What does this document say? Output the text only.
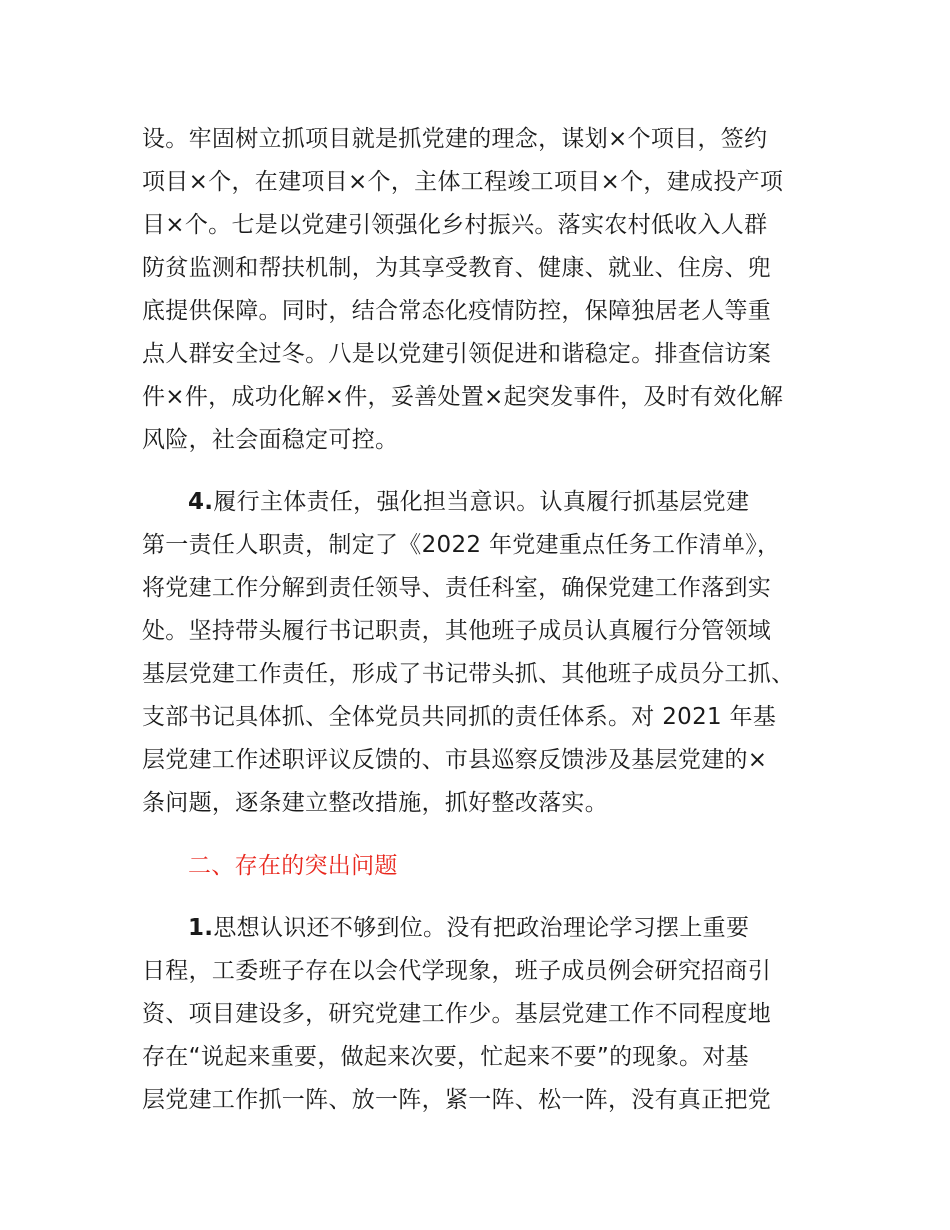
设。牢固树立抓项目就是抓党建的理念，谋划×个项目，签约
项目×个，在建项目×个，主体工程竣工项目×个，建成投产项
目×个。七是以党建引领强化乡村振兴。落实农村低收入人群
防贫监测和帮扶机制，为其享受教育、健康、就业、住房、兜
底提供保障。同时，结合常态化疫情防控，保障独居老人等重
点人群安全过冬。八是以党建引领促进和谐稳定。排查信访案
件×件，成功化解×件，妥善处置×起突发事件，及时有效化解
风险，社会面稳定可控。
4.履行主体责任，强化担当意识。认真履行抓基层党建
第一责任人职责，制定了《2022 年党建重点任务工作清单》，
将党建工作分解到责任领导、责任科室，确保党建工作落到实
处。坚持带头履行书记职责，其他班子成员认真履行分管领域
基层党建工作责任，形成了书记带头抓、其他班子成员分工抓、
支部书记具体抓、全体党员共同抓的责任体系。对 2021 年基
层党建工作述职评议反馈的、市县巡察反馈涉及基层党建的×
条问题，逐条建立整改措施，抓好整改落实。
二、存在的突出问题
1.思想认识还不够到位。没有把政治理论学习摆上重要
日程，工委班子存在以会代学现象，班子成员例会研究招商引
资、项目建设多，研究党建工作少。基层党建工作不同程度地
存在“说起来重要，做起来次要，忙起来不要”的现象。对基
层党建工作抓一阵、放一阵，紧一阵、松一阵，没有真正把党
